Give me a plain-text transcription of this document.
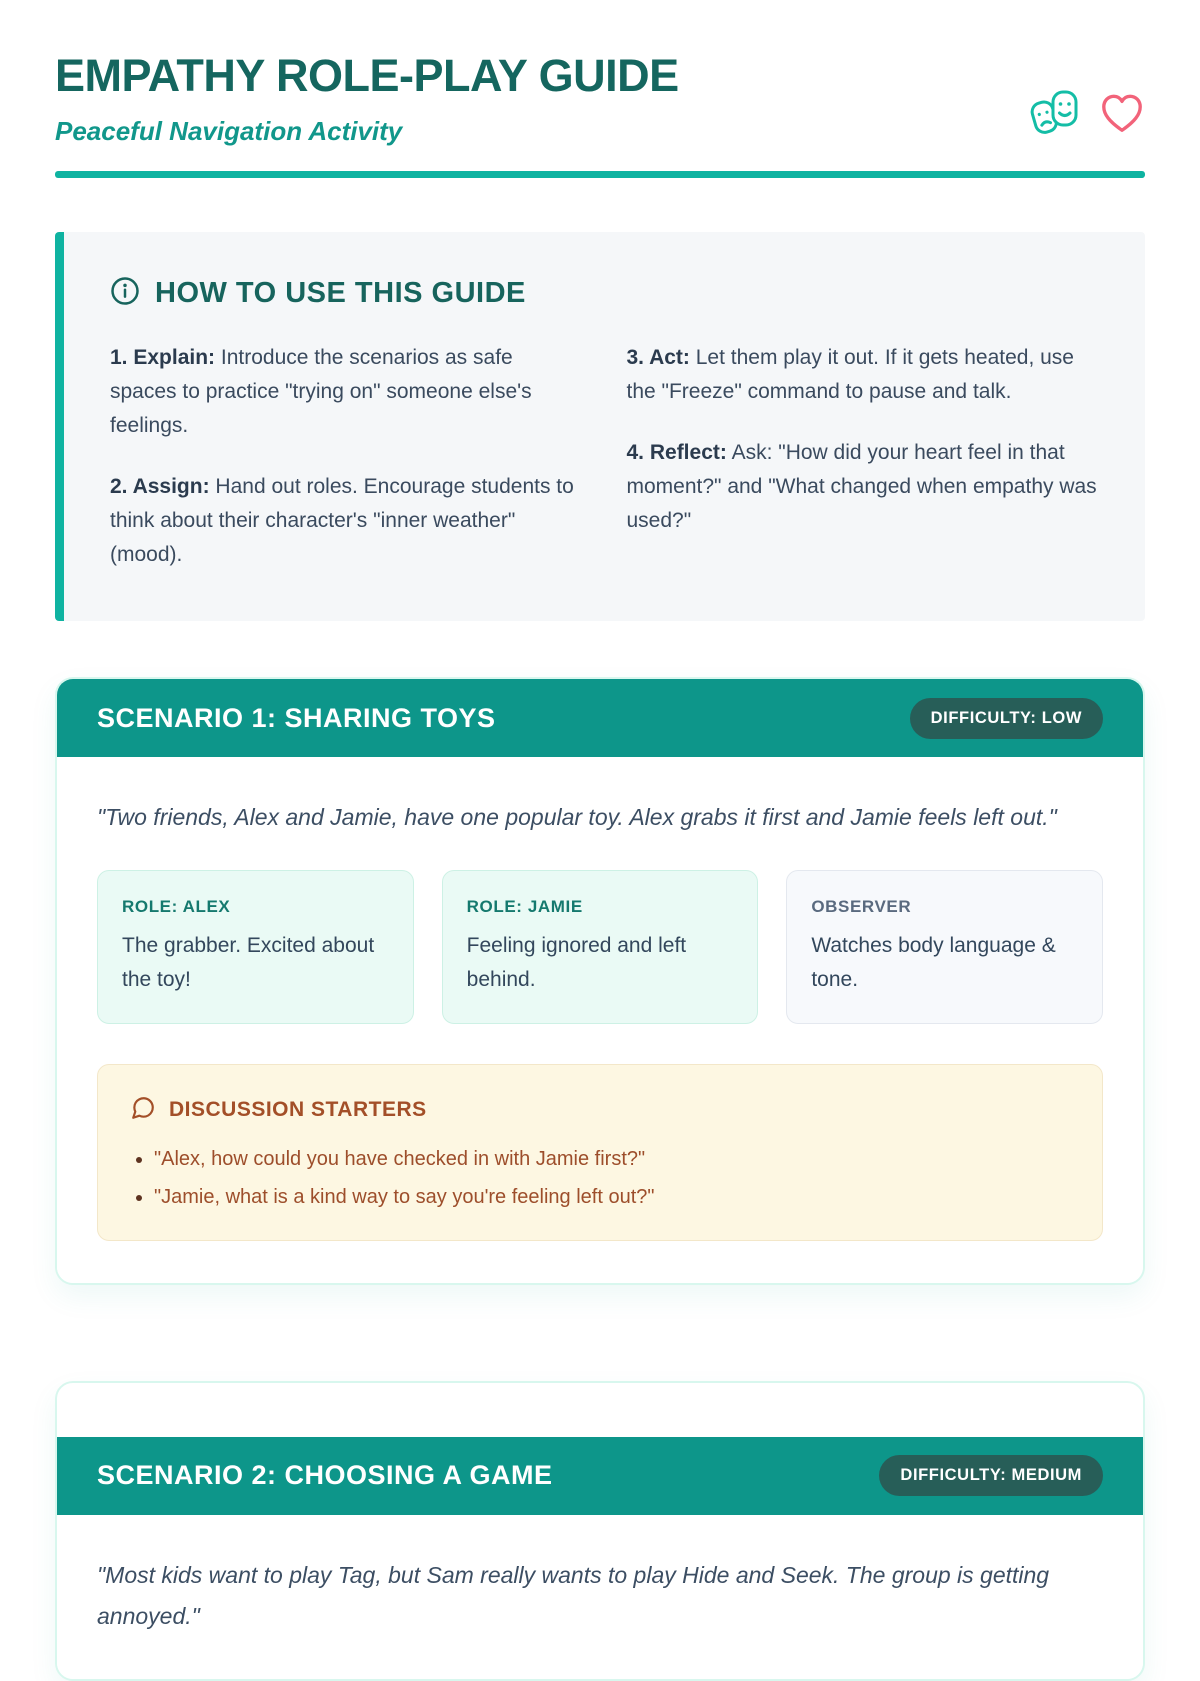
EMPATHY ROLE-PLAY GUIDE
Peaceful Navigation Activity
HOW TO USE THIS GUIDE

1. Explain: Introduce the scenarios as safe spaces to practice "trying on" someone else's feelings.

2. Assign: Hand out roles. Encourage students to think about their character's "inner weather" (mood).

3. Act: Let them play it out. If it gets heated, use the "Freeze" command to pause and talk.

4. Reflect: Ask: "How did your heart feel in that moment?" and "What changed when empathy was used?"

SCENARIO 1: SHARING TOYS	DIFFICULTY: LOW

"Two friends, Alex and Jamie, have one popular toy. Alex grabs it first and Jamie feels left out."

ROLE: ALEX
The grabber. Excited about the toy!
ROLE: JAMIE
Feeling ignored and left behind.
OBSERVER
Watches body language & tone.
DISCUSSION STARTERS
• "Alex, how could you have checked in with Jamie first?"
• "Jamie, what is a kind way to say you're feeling left out?"
SCENARIO 2: CHOOSING A GAME	DIFFICULTY: MEDIUM

"Most kids want to play Tag, but Sam really wants to play Hide and Seek. The group is getting annoyed."
